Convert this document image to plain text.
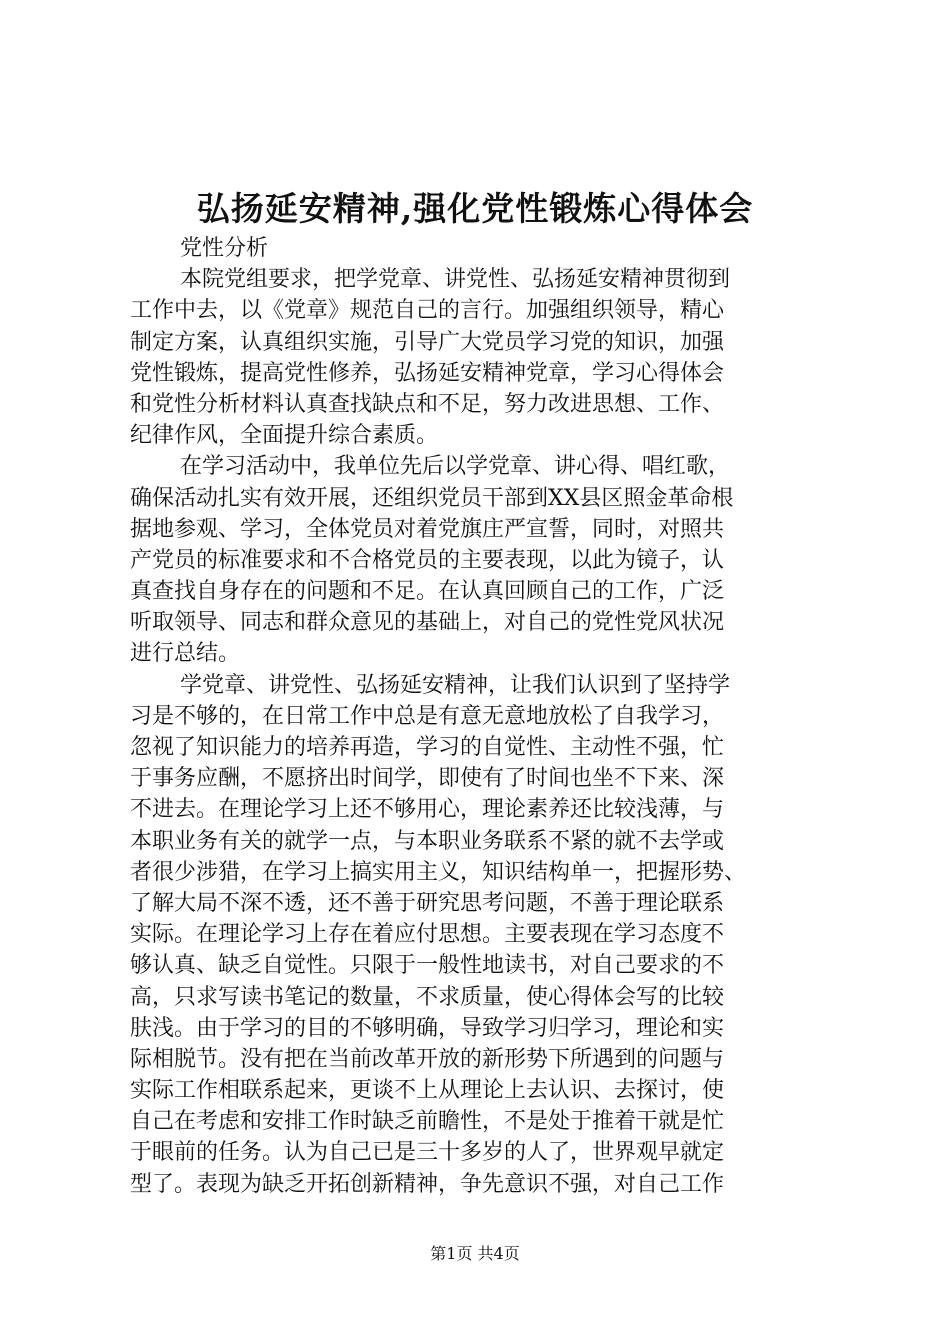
弘扬延安精神,强化党性锻炼心得体会
党性分析
本院党组要求，把学党章、讲党性、弘扬延安精神贯彻到
工作中去，以《党章》规范自己的言行。加强组织领导，精心
制定方案，认真组织实施，引导广大党员学习党的知识，加强
党性锻炼，提高党性修养，弘扬延安精神党章，学习心得体会
和党性分析材料认真查找缺点和不足，努力改进思想、工作、
纪律作风，全面提升综合素质。
在学习活动中，我单位先后以学党章、讲心得、唱红歌，
确保活动扎实有效开展，还组织党员干部到XX县区照金革命根
据地参观、学习，全体党员对着党旗庄严宣誓，同时，对照共
产党员的标准要求和不合格党员的主要表现，以此为镜子，认
真查找自身存在的问题和不足。在认真回顾自己的工作，广泛
听取领导、同志和群众意见的基础上，对自己的党性党风状况
进行总结。
学党章、讲党性、弘扬延安精神，让我们认识到了坚持学
习是不够的，在日常工作中总是有意无意地放松了自我学习，
忽视了知识能力的培养再造，学习的自觉性、主动性不强，忙
于事务应酬，不愿挤出时间学，即使有了时间也坐不下来、深
不进去。在理论学习上还不够用心，理论素养还比较浅薄，与
本职业务有关的就学一点，与本职业务联系不紧的就不去学或
者很少涉猎，在学习上搞实用主义，知识结构单一，把握形势、
了解大局不深不透，还不善于研究思考问题，不善于理论联系
实际。在理论学习上存在着应付思想。主要表现在学习态度不
够认真、缺乏自觉性。只限于一般性地读书，对自己要求的不
高，只求写读书笔记的数量，不求质量，使心得体会写的比较
肤浅。由于学习的目的不够明确，导致学习归学习，理论和实
际相脱节。没有把在当前改革开放的新形势下所遇到的问题与
实际工作相联系起来，更谈不上从理论上去认识、去探讨，使
自己在考虑和安排工作时缺乏前瞻性，不是处于推着干就是忙
于眼前的任务。认为自己已是三十多岁的人了，世界观早就定
型了。表现为缺乏开拓创新精神，争先意识不强，对自己工作
第1页 共4页
